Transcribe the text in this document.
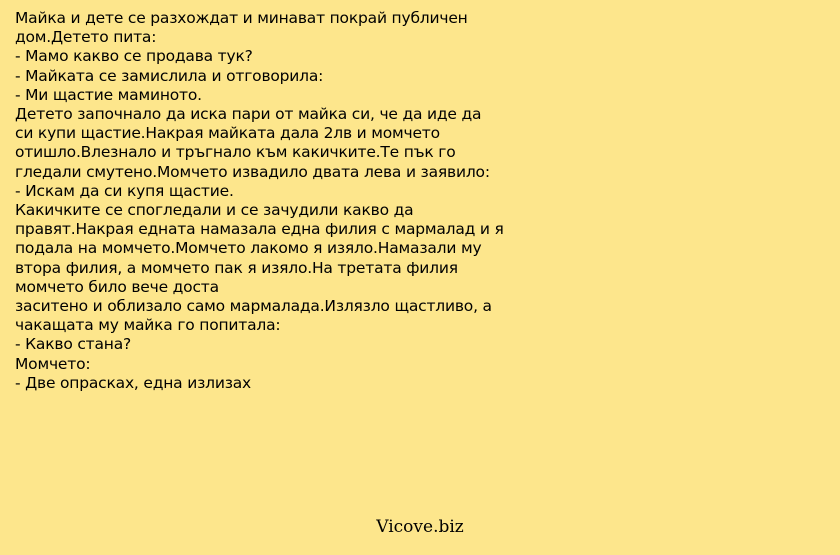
Майка и дете се разхождат и минават покрай публичен
дом.Детето пита:
- Мамо какво се продава тук?
- Майката се замислила и отговорила:
- Ми щастие маминото.
Детето започнало да иска пари от майка си, че да иде да
си купи щастие.Накрая майката дала 2лв и момчето
отишло.Влезнало и тръгнало към какичките.Те пък го
гледали смутено.Момчето извадило двата лева и заявило:
- Искам да си купя щастие.
Какичките се спогледали и се зачудили какво да
правят.Накрая едната намазала една филия с мармалад и я
подала на момчето.Момчето лакомо я изяло.Намазали му
втора филия, а момчето пак я изяло.На третата филия
момчето било вече доста
заситено и облизало само мармалада.Излязло щастливо, а
чакащата му майка го попитала:
- Какво стана?
Момчето:
- Две опрасках, една излизах
Vicove.biz
